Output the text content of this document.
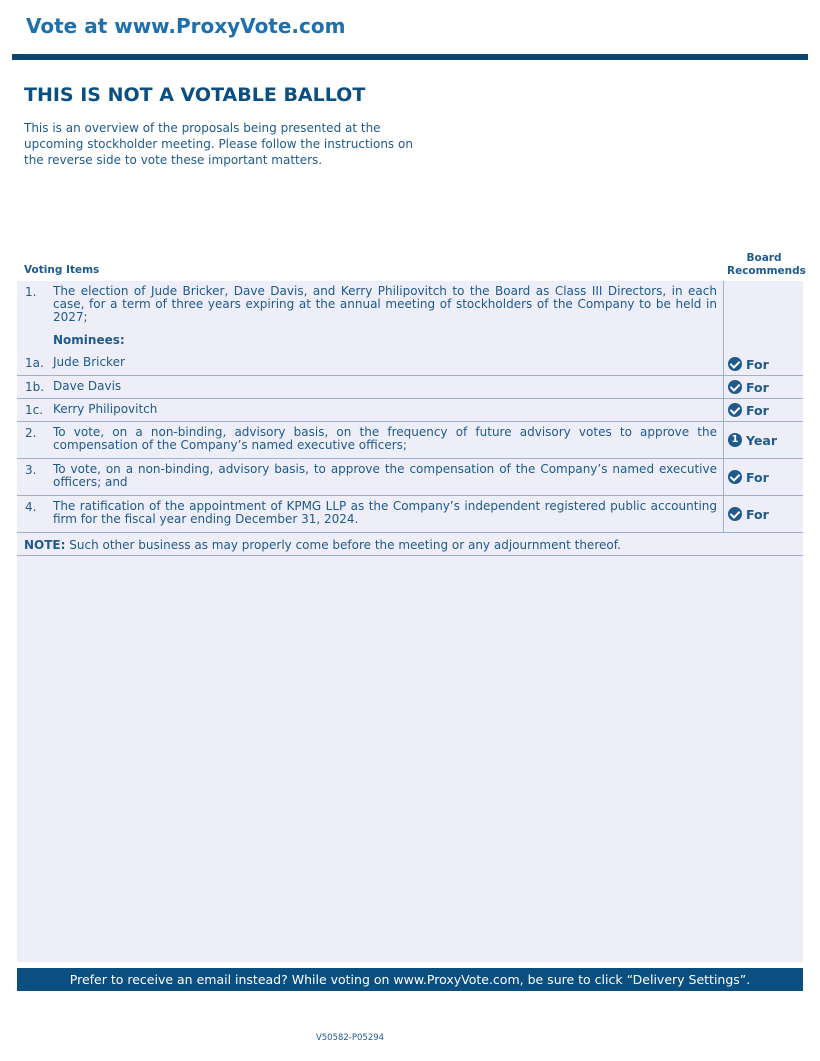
Vote at www.ProxyVote.com
THIS IS NOT A VOTABLE BALLOT
This is an overview of the proposals being presented at the upcoming stockholder meeting. Please follow the instructions on the reverse side to vote these important matters.
Voting Items
Board Recommends
1. The election of Jude Bricker, Dave Davis, and Kerry Philipovitch to the Board as Class III Directors, in each case, for a term of three years expiring at the annual meeting of stockholders of the Company to be held in 2027;
Nominees:
1a. Jude Bricker	For
1b. Dave Davis	For
1c. Kerry Philipovitch	For
2. To vote, on a non-binding, advisory basis, on the frequency of future advisory votes to approve the compensation of the Company’s named executive officers;	1 Year
3. To vote, on a non-binding, advisory basis, to approve the compensation of the Company’s named executive officers; and	For
4. The ratification of the appointment of KPMG LLP as the Company’s independent registered public accounting firm for the fiscal year ending December 31, 2024.	For
NOTE: Such other business as may properly come before the meeting or any adjournment thereof.
Prefer to receive an email instead? While voting on www.ProxyVote.com, be sure to click “Delivery Settings”.
V50582-P05294
